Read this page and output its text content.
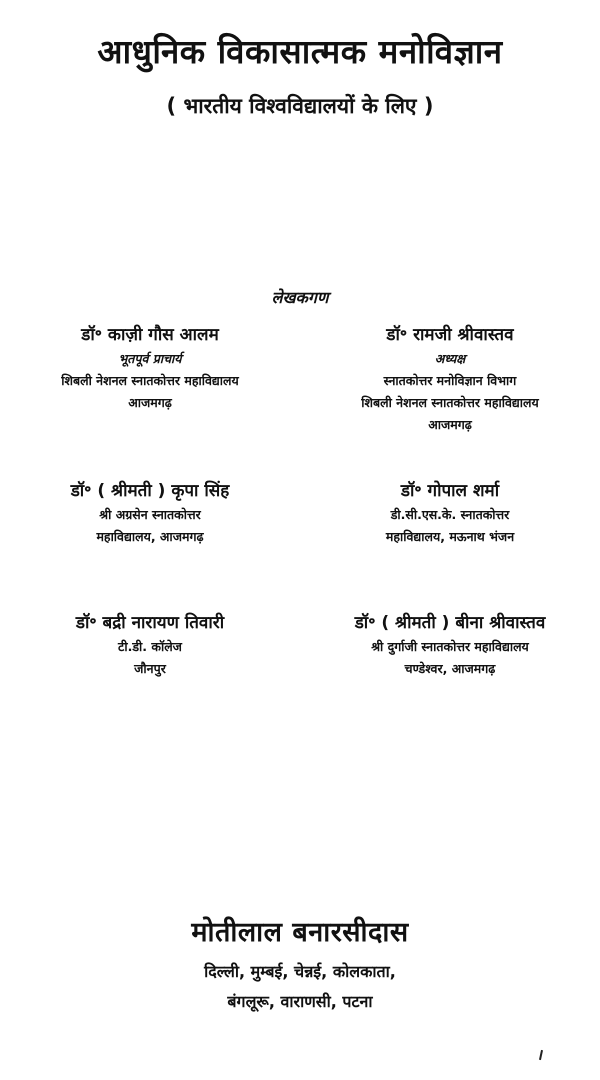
आधुनिक विकासात्मक मनोविज्ञान
( भारतीय विश्वविद्यालयों के लिए )
लेखकगण
डॉ॰ काज़ी गौस आलम
भूतपूर्व प्राचार्य
शिबली नेशनल स्नातकोत्तर महाविद्यालय
आजमगढ़
डॉ॰ रामजी श्रीवास्तव
अध्यक्ष
स्नातकोत्तर मनोविज्ञान विभाग
शिबली नेशनल स्नातकोत्तर महाविद्यालय
आजमगढ़
डॉ॰ ( श्रीमती ) कृपा सिंह
श्री अग्रसेन स्नातकोत्तर
महाविद्यालय, आजमगढ़
डॉ॰ गोपाल शर्मा
डी.सी.एस.के. स्नातकोत्तर
महाविद्यालय, मऊनाथ भंजन
डॉ॰ बद्री नारायण तिवारी
टी.डी. कॉलेज
जौनपुर
डॉ॰ ( श्रीमती ) बीना श्रीवास्तव
श्री दुर्गाजी स्नातकोत्तर महाविद्यालय
चण्डेश्वर, आजमगढ़
मोतीलाल बनारसीदास
दिल्ली, मुम्बई, चेन्नई, कोलकाता,
बंगलूरू, वाराणसी, पटना
